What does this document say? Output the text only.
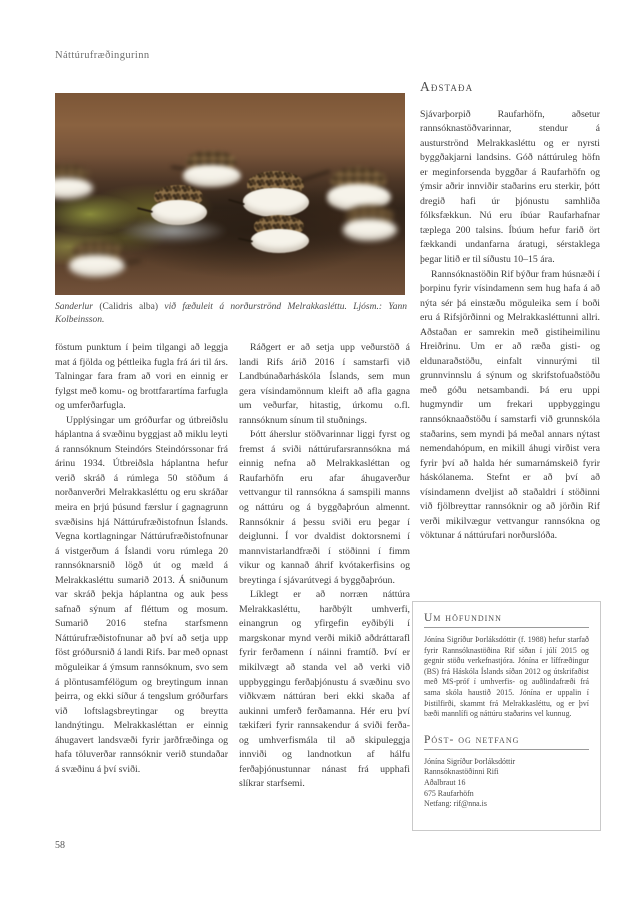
Náttúrufræðingurinn
Sanderlur (Calidris alba) við fæðuleit á norðurströnd Melrakkasléttu. Ljósm.: Yann Kolbeinsson.

föstum punktum í þeim tilgangi að leggja mat á fjölda og þéttleika fugla frá ári til árs. Talningar fara fram að vori en einnig er fylgst með komu- og brottfarartíma farfugla og umferðarfugla.

Upplýsingar um gróðurfar og útbreiðslu háplantna á svæðinu byggjast að miklu leyti á rannsóknum Steindórs Steindórssonar frá árinu 1934. Útbreiðsla háplantna hefur verið skráð á rúmlega 50 stöðum á norðanverðri Melrakkasléttu og eru skráðar meira en þrjú þúsund færslur í gagnagrunn svæðisins hjá Náttúrufræðistofnun Íslands. Vegna kortlagningar Náttúrufræðistofnunar á vistgerðum á Íslandi voru rúmlega 20 rannsóknarsnið lögð út og mæld á Melrakkasléttu sumarið 2013. Á sniðunum var skráð þekja háplantna og auk þess safnað sýnum af fléttum og mosum. Sumarið 2016 stefna starfsmenn Náttúrufræðistofnunar að því að setja upp föst gróðursnið á landi Rifs. Þar með opnast möguleikar á ýmsum rannsóknum, svo sem á plöntusamfélögum og breytingum innan þeirra, og ekki síður á tengslum gróðurfars við loftslagsbreytingar og breytta landnýtingu. Melrakkasléttan er einnig áhugavert landsvæði fyrir jarðfræðinga og hafa töluverðar rannsóknir verið stundaðar á svæðinu á því sviði.

Ráðgert er að setja upp veðurstöð á landi Rifs árið 2016 í samstarfi við Landbúnaðarháskóla Íslands, sem mun gera vísindamönnum kleift að afla gagna um veðurfar, hitastig, úrkomu o.fl. rannsóknum sínum til stuðnings.

Þótt áherslur stöðvarinnar liggi fyrst og fremst á sviði náttúrufarsrannsókna má einnig nefna að Melrakkasléttan og Raufarhöfn eru afar áhugaverður vettvangur til rannsókna á samspili manns og náttúru og á byggðaþróun almennt. Rannsóknir á þessu sviði eru þegar í deiglunni. Í vor dvaldist doktorsnemi í mannvistarlandfræði í stöðinni í fimm vikur og kannað áhrif kvótakerfisins og breytinga í sjávarútvegi á byggðaþróun.

Líklegt er að norræn náttúra Melrakkasléttu, harðbýlt umhverfi, einangrun og yfirgefin eyðibýli í margskonar mynd verði mikið aðdráttarafl fyrir ferðamenn í náinni framtíð. Því er mikilvægt að standa vel að verki við uppbyggingu ferðaþjónustu á svæðinu svo viðkvæm náttúran beri ekki skaða af aukinni umferð ferðamanna. Hér eru því tækifæri fyrir rannsakendur á sviði ferða- og umhverfismála til að skipuleggja innviði og landnotkun af hálfu ferðaþjónustunnar nánast frá upphafi slíkrar starfsemi.

Aðstaða

Sjávarþorpið Raufarhöfn, aðsetur rannsóknastöðvarinnar, stendur á austurströnd Melrakkasléttu og er nyrsti byggðakjarni landsins. Góð náttúruleg höfn er meginforsenda byggðar á Raufarhöfn og ýmsir aðrir innviðir staðarins eru sterkir, þótt dregið hafi úr þjónustu samhliða fólksfækkun. Nú eru íbúar Raufarhafnar tæplega 200 talsins. Íbúum hefur farið ört fækkandi undanfarna áratugi, sérstaklega þegar litið er til síðustu 10–15 ára.

Rannsóknastöðin Rif býður fram húsnæði í þorpinu fyrir vísindamenn sem hug hafa á að nýta sér þá einstæðu möguleika sem í boði eru á Rifsjörðinni og Melrakkasléttunni allri. Aðstaðan er samrekin með gistiheimilinu Hreiðrinu. Um er að ræða gisti- og eldunaraðstöðu, einfalt vinnurými til grunnvinnslu á sýnum og skrifstofuaðstöðu með góðu netsambandi. Þá eru uppi hugmyndir um frekari uppbyggingu rannsóknaaðstöðu í samstarfi við grunnskóla staðarins, sem myndi þá meðal annars nýtast nemendahópum, en mikill áhugi virðist vera fyrir því að halda hér sumarnámskeið fyrir háskólanema. Stefnt er að því að vísindamenn dveljist að staðaldri í stöðinni við fjölbreyttar rannsóknir og að jörðin Rif verði mikilvægur vettvangur rannsókna og vöktunar á náttúrufari norðurslóða.

Um höfundinn

Jónína Sigríður Þorláksdóttir (f. 1988) hefur starfað fyrir Rannsóknastöðina Rif síðan í júlí 2015 og gegnir stöðu verkefnastjóra. Jónína er líffræðingur (BS) frá Háskóla Íslands síðan 2012 og útskrifaðist með MS-próf í umhverfis- og auðlindafræði frá sama skóla haustið 2015. Jónína er uppalin í Þistilfirði, skammt frá Melrakkasléttu, og er því bæði mannlífi og náttúru staðarins vel kunnug.

Póst- og netfang
Jónína Sigríður Þorláksdóttir
Rannsóknastöðinni Rifi
Aðalbraut 16
675 Raufarhöfn
Netfang: rif@nna.is
58
